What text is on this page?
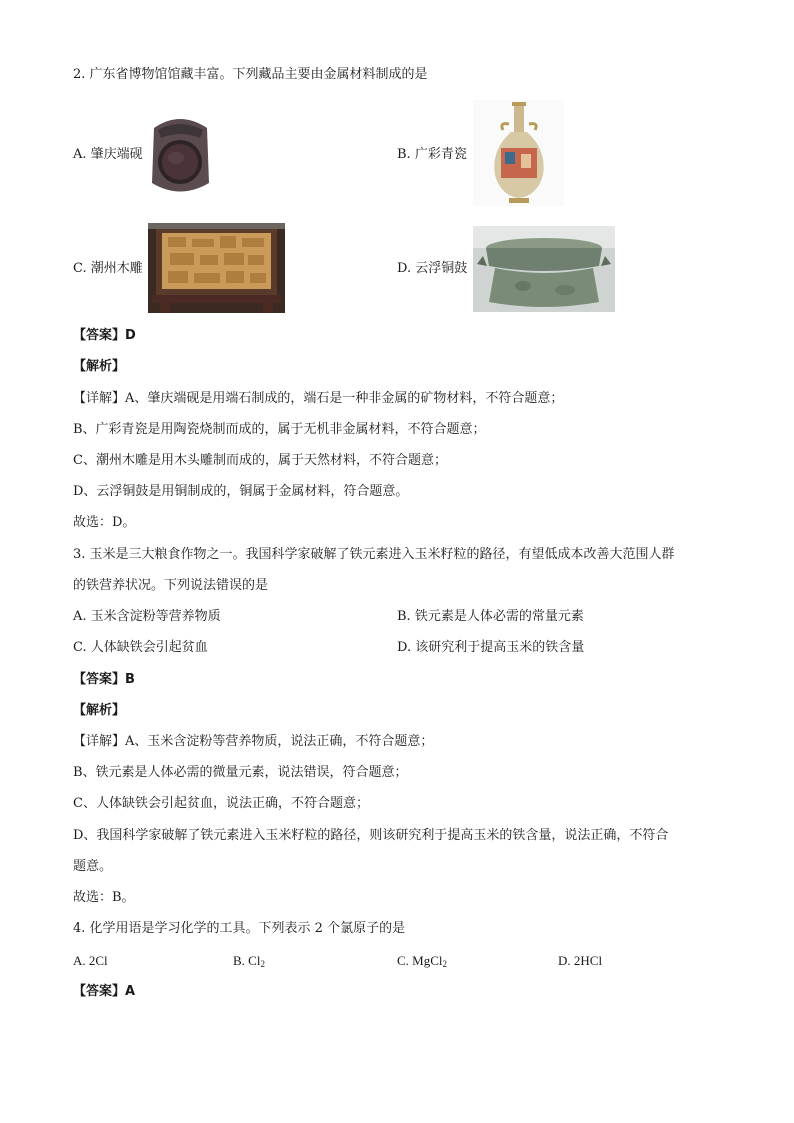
2. 广东省博物馆馆藏丰富。下列藏品主要由金属材料制成的是
A. 肇庆端砚	B. 广彩青瓷
C. 潮州木雕	D. 云浮铜鼓
【答案】D
【解析】
【详解】A、肇庆端砚是用端石制成的，端石是一种非金属的矿物材料，不符合题意；
B、广彩青瓷是用陶瓷烧制而成的，属于无机非金属材料，不符合题意；
C、潮州木雕是用木头雕制而成的，属于天然材料，不符合题意；
D、云浮铜鼓是用铜制成的，铜属于金属材料，符合题意。
故选：D。
3. 玉米是三大粮食作物之一。我国科学家破解了铁元素进入玉米籽粒的路径，有望低成本改善大范围人群
的铁营养状况。下列说法错误的是
A. 玉米含淀粉等营养物质	B. 铁元素是人体必需的常量元素
C. 人体缺铁会引起贫血	D. 该研究利于提高玉米的铁含量
【答案】B
【解析】
【详解】A、玉米含淀粉等营养物质，说法正确，不符合题意；
B、铁元素是人体必需的微量元素，说法错误，符合题意；
C、人体缺铁会引起贫血，说法正确，不符合题意；
D、我国科学家破解了铁元素进入玉米籽粒的路径，则该研究利于提高玉米的铁含量，说法正确，不符合
题意。
故选：B。
4. 化学用语是学习化学的工具。下列表示 2 个氯原子的是
A. 2Cl	B. $Cl_2$	C. MgCl$_2$	D. 2HCl
【答案】A
